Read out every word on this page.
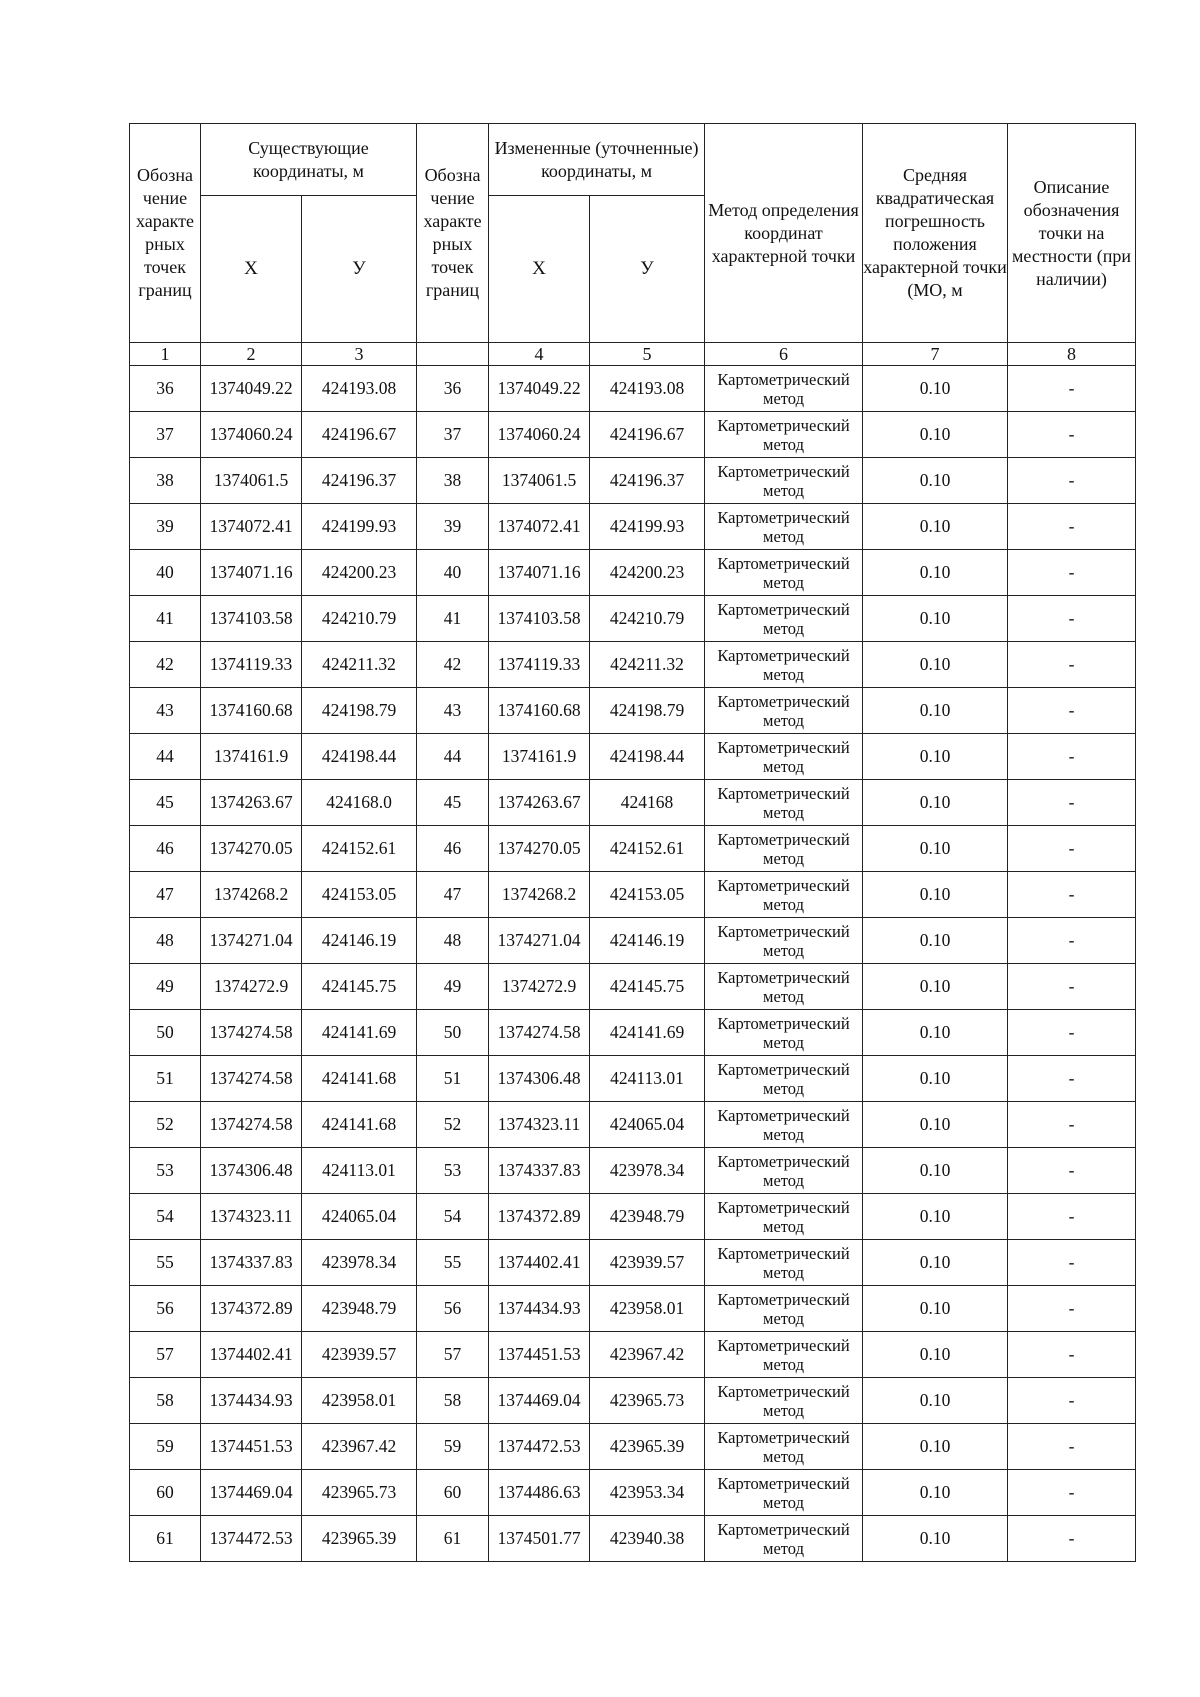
Обозна чение характе рных точек границ	Существующие координаты, м		Обозна чение характе рных точек границ	Измененные (уточненные) координаты, м		Метод определения координат характерной точки	Средняя квадратическая погрешность положения характерной точки (МО, м	Описание обозначения точки на местности (при наличии)
	Х	У		Х	У			
1	2	3		4	5	6	7	8
36	1374049.22	424193.08	36	1374049.22	424193.08	Картометрический метод	0.10	-
37	1374060.24	424196.67	37	1374060.24	424196.67	Картометрический метод	0.10	-
38	1374061.5	424196.37	38	1374061.5	424196.37	Картометрический метод	0.10	-
39	1374072.41	424199.93	39	1374072.41	424199.93	Картометрический метод	0.10	-
40	1374071.16	424200.23	40	1374071.16	424200.23	Картометрический метод	0.10	-
41	1374103.58	424210.79	41	1374103.58	424210.79	Картометрический метод	0.10	-
42	1374119.33	424211.32	42	1374119.33	424211.32	Картометрический метод	0.10	-
43	1374160.68	424198.79	43	1374160.68	424198.79	Картометрический метод	0.10	-
44	1374161.9	424198.44	44	1374161.9	424198.44	Картометрический метод	0.10	-
45	1374263.67	424168.0	45	1374263.67	424168	Картометрический метод	0.10	-
46	1374270.05	424152.61	46	1374270.05	424152.61	Картометрический метод	0.10	-
47	1374268.2	424153.05	47	1374268.2	424153.05	Картометрический метод	0.10	-
48	1374271.04	424146.19	48	1374271.04	424146.19	Картометрический метод	0.10	-
49	1374272.9	424145.75	49	1374272.9	424145.75	Картометрический метод	0.10	-
50	1374274.58	424141.69	50	1374274.58	424141.69	Картометрический метод	0.10	-
51	1374274.58	424141.68	51	1374306.48	424113.01	Картометрический метод	0.10	-
52	1374274.58	424141.68	52	1374323.11	424065.04	Картометрический метод	0.10	-
53	1374306.48	424113.01	53	1374337.83	423978.34	Картометрический метод	0.10	-
54	1374323.11	424065.04	54	1374372.89	423948.79	Картометрический метод	0.10	-
55	1374337.83	423978.34	55	1374402.41	423939.57	Картометрический метод	0.10	-
56	1374372.89	423948.79	56	1374434.93	423958.01	Картометрический метод	0.10	-
57	1374402.41	423939.57	57	1374451.53	423967.42	Картометрический метод	0.10	-
58	1374434.93	423958.01	58	1374469.04	423965.73	Картометрический метод	0.10	-
59	1374451.53	423967.42	59	1374472.53	423965.39	Картометрический метод	0.10	-
60	1374469.04	423965.73	60	1374486.63	423953.34	Картометрический метод	0.10	-
61	1374472.53	423965.39	61	1374501.77	423940.38	Картометрический метод	0.10	-
